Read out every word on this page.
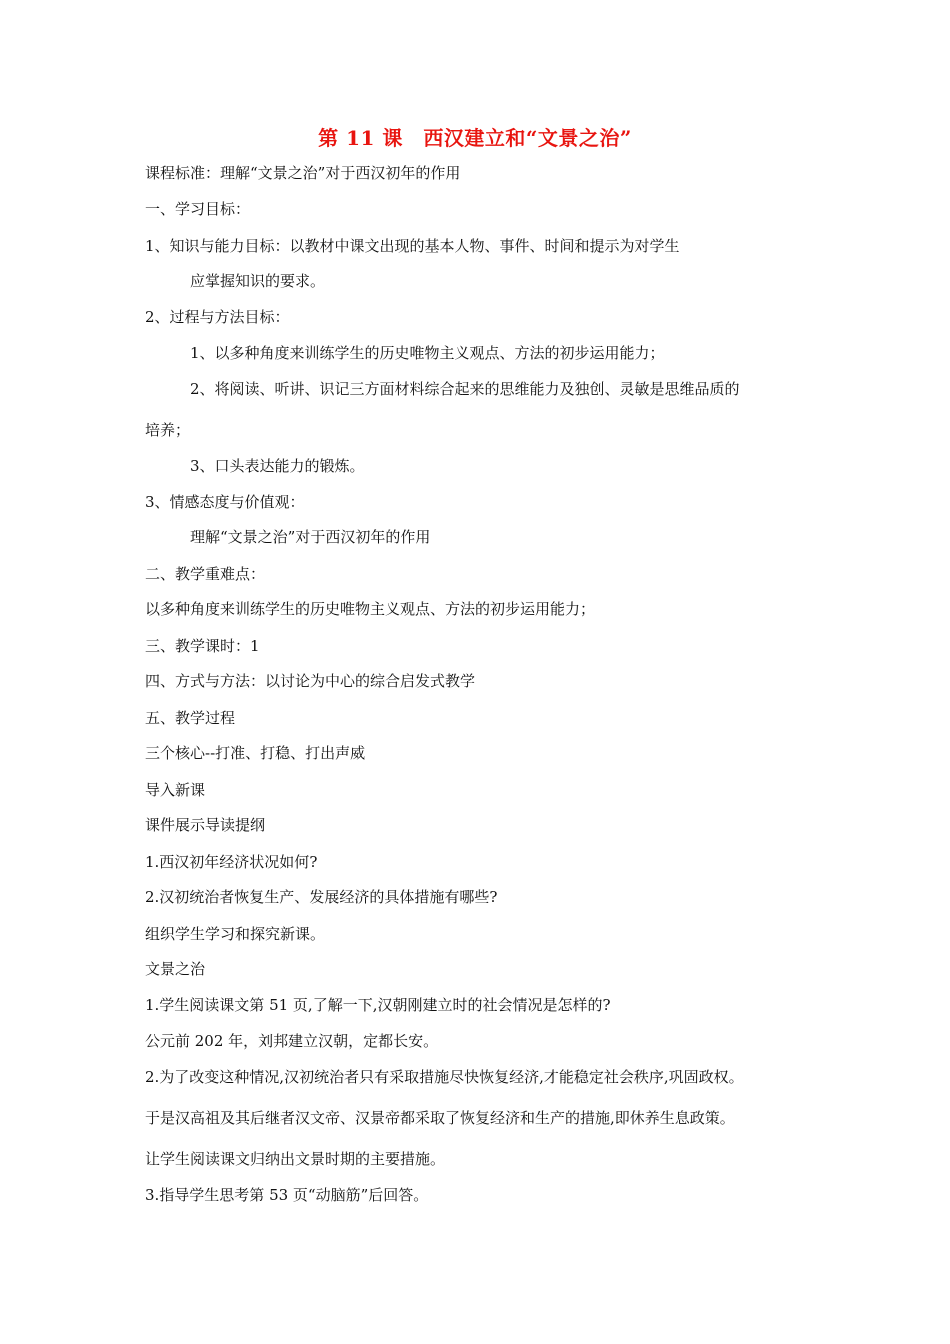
第 11 课　西汉建立和“文景之治”
课程标准：理解“文景之治”对于西汉初年的作用
一、学习目标：
1、知识与能力目标：以教材中课文出现的基本人物、事件、时间和提示为对学生
应掌握知识的要求。
2、过程与方法目标：
1、以多种角度来训练学生的历史唯物主义观点、方法的初步运用能力；
2、将阅读、听讲、识记三方面材料综合起来的思维能力及独创、灵敏是思维品质的
培养；
3、口头表达能力的锻炼。
3、情感态度与价值观：
理解“文景之治”对于西汉初年的作用
二、教学重难点：
以多种角度来训练学生的历史唯物主义观点、方法的初步运用能力；
三、教学课时：1
四、方式与方法：以讨论为中心的综合启发式教学
五、教学过程
三个核心--打准、打稳、打出声威
导入新课
课件展示导读提纲
1.西汉初年经济状况如何?
2.汉初统治者恢复生产、发展经济的具体措施有哪些?
组织学生学习和探究新课。
文景之治
1.学生阅读课文第 51 页,了解一下,汉朝刚建立时的社会情况是怎样的?
公元前 202 年，刘邦建立汉朝，定都长安。
2.为了改变这种情况,汉初统治者只有采取措施尽快恢复经济,才能稳定社会秩序,巩固政权。
于是汉高祖及其后继者汉文帝、汉景帝都采取了恢复经济和生产的措施,即休养生息政策。
让学生阅读课文归纳出文景时期的主要措施。
3.指导学生思考第 53 页“动脑筋”后回答。
